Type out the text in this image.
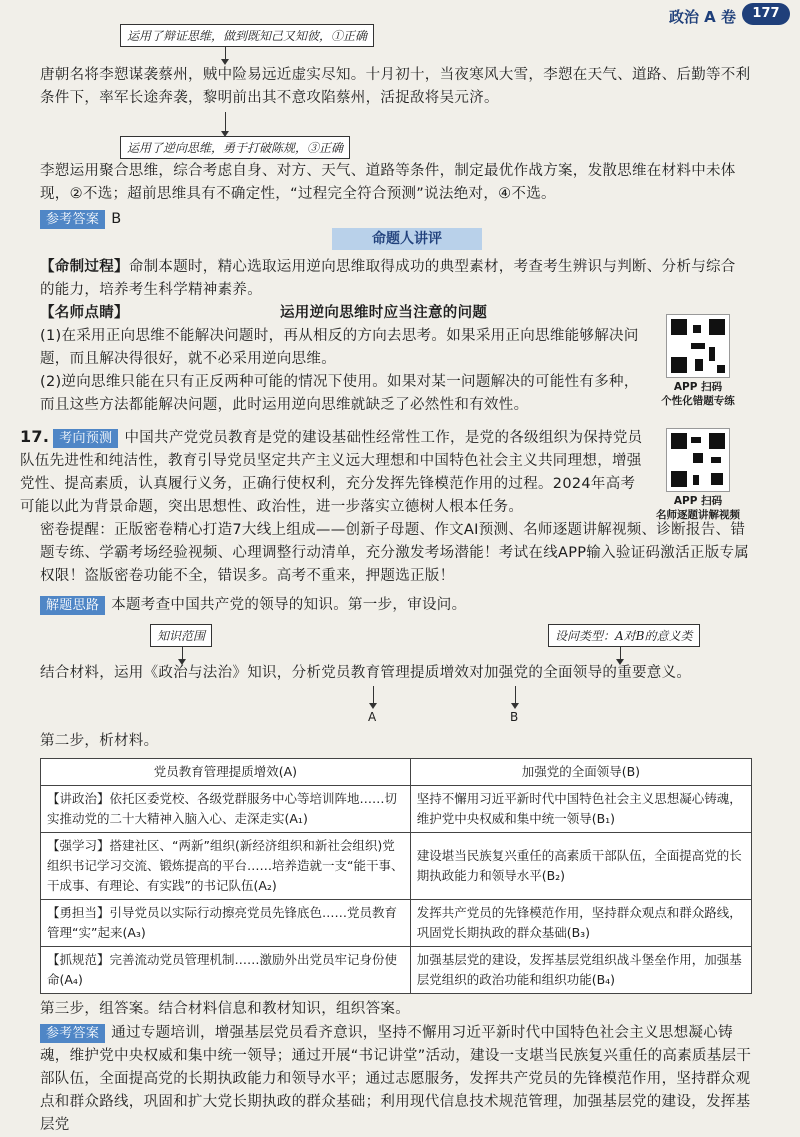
政治 A 卷	177
运用了辩证思维，做到既知己又知彼，①正确
唐朝名将李愬谋袭蔡州，贼中险易远近虚实尽知。十月初十，当夜寒风大雪，李愬在天气、道路、后勤等不利条件下，率军长途奔袭，黎明前出其不意攻陷蔡州，活捉敌将吴元济。
运用了逆向思维，勇于打破陈规，③正确
李愬运用聚合思维，综合考虑自身、对方、天气、道路等条件，制定最优作战方案，发散思维在材料中未体现，②不选；超前思维具有不确定性，“过程完全符合预测”说法绝对，④不选。
参考答案 B
命题人讲评
【命制过程】命制本题时，精心选取运用逆向思维取得成功的典型素材，考查考生辨识与判断、分析与综合的能力，培养考生科学精神素养。
【名师点睛】	运用逆向思维时应当注意的问题
(1)在采用正向思维不能解决问题时，再从相反的方向去思考。如果采用正向思维能够解决问题，而且解决得很好，就不必采用逆向思维。
(2)逆向思维只能在只有正反两种可能的情况下使用。如果对某一问题解决的可能性有多种，而且这些方法都能解决问题，此时运用逆向思维就缺乏了必然性和有效性。
APP 扫码
个性化错题专练
17. 考向预测 中国共产党党员教育是党的建设基础性经常性工作，是党的各级组织为保持党员队伍先进性和纯洁性，教育引导党员坚定共产主义远大理想和中国特色社会主义共同理想，增强党性、提高素质，认真履行义务，正确行使权利，充分发挥先锋模范作用的过程。2024年高考可能以此为背景命题，突出思想性、政治性，进一步落实立德树人根本任务。	APP 扫码
名师逐题讲解视频
密卷提醒：正版密卷精心打造7大线上组成——创新子母题、作文AI预测、名师逐题讲解视频、诊断报告、错题专练、学霸考场经验视频、心理调整行动清单，充分激发考场潜能！考试在线APP输入验证码激活正版专属权限！盗版密卷功能不全，错误多。高考不重来，押题选正版！
解题思路 本题考查中国共产党的领导的知识。第一步，审设问。
知识范围	设问类型：A对B的意义类
结合材料，运用《政治与法治》知识，分析党员教育管理提质增效对加强党的全面领导的重要意义。
A	B
第二步，析材料。
党员教育管理提质增效(A)	加强党的全面领导(B)
【讲政治】依托区委党校、各级党群服务中心等培训阵地……切实推动党的二十大精神入脑入心、走深走实(A₁)	坚持不懈用习近平新时代中国特色社会主义思想凝心铸魂，维护党中央权威和集中统一领导(B₁)
【强学习】搭建社区、“两新”组织(新经济组织和新社会组织)党组织书记学习交流、锻炼提高的平台……培养造就一支“能干事、干成事、有理论、有实践”的书记队伍(A₂)	建设堪当民族复兴重任的高素质干部队伍，全面提高党的长期执政能力和领导水平(B₂)
【勇担当】引导党员以实际行动擦亮党员先锋底色……党员教育管理“实”起来(A₃)	发挥共产党员的先锋模范作用，坚持群众观点和群众路线，巩固党长期执政的群众基础(B₃)
【抓规范】完善流动党员管理机制……激励外出党员牢记身份使命(A₄)	加强基层党的建设，发挥基层党组织战斗堡垒作用，加强基层党组织的政治功能和组织功能(B₄)
第三步，组答案。结合材料信息和教材知识，组织答案。
参考答案 通过专题培训，增强基层党员看齐意识，坚持不懈用习近平新时代中国特色社会主义思想凝心铸魂，维护党中央权威和集中统一领导；通过开展“书记讲堂”活动，建设一支堪当民族复兴重任的高素质基层干部队伍，全面提高党的长期执政能力和领导水平；通过志愿服务，发挥共产党员的先锋模范作用，坚持群众观点和群众路线，巩固和扩大党长期执政的群众基础；利用现代信息技术规范管理，加强基层党的建设，发挥基层党
